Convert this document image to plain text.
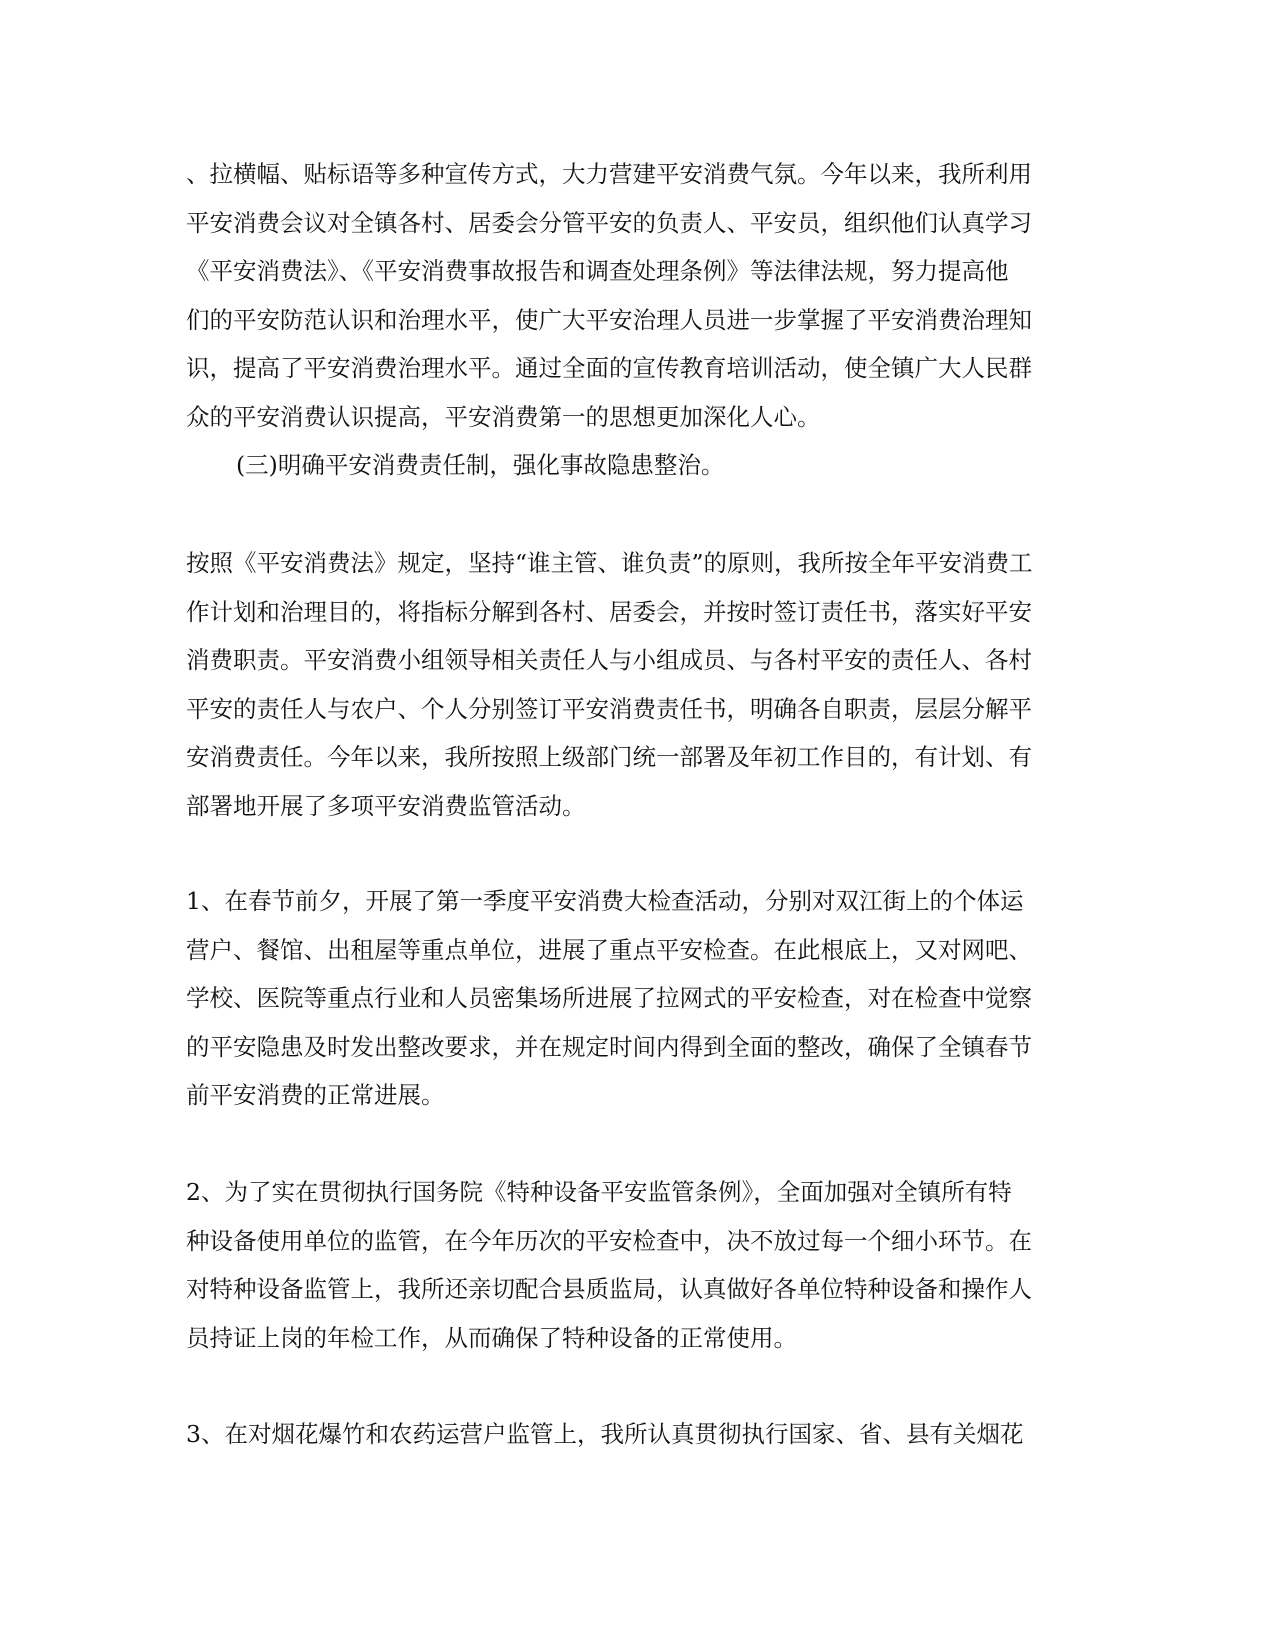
、拉横幅、贴标语等多种宣传方式，大力营建平安消费气氛。今年以来，我所利用
平安消费会议对全镇各村、居委会分管平安的负责人、平安员，组织他们认真学习
《平安消费法》、《平安消费事故报告和调查处理条例》等法律法规，努力提高他
们的平安防范认识和治理水平，使广大平安治理人员进一步掌握了平安消费治理知
识，提高了平安消费治理水平。通过全面的宣传教育培训活动，使全镇广大人民群
众的平安消费认识提高，平安消费第一的思想更加深化人心。

(三)明确平安消费责任制，强化事故隐患整治。

按照《平安消费法》规定，坚持“谁主管、谁负责”的原则，我所按全年平安消费工
作计划和治理目的，将指标分解到各村、居委会，并按时签订责任书，落实好平安
消费职责。平安消费小组领导相关责任人与小组成员、与各村平安的责任人、各村
平安的责任人与农户、个人分别签订平安消费责任书，明确各自职责，层层分解平
安消费责任。今年以来，我所按照上级部门统一部署及年初工作目的，有计划、有
部署地开展了多项平安消费监管活动。

1、在春节前夕，开展了第一季度平安消费大检查活动，分别对双江街上的个体运
营户、餐馆、出租屋等重点单位，进展了重点平安检查。在此根底上，又对网吧、
学校、医院等重点行业和人员密集场所进展了拉网式的平安检查，对在检查中觉察
的平安隐患及时发出整改要求，并在规定时间内得到全面的整改，确保了全镇春节
前平安消费的正常进展。

2、为了实在贯彻执行国务院《特种设备平安监管条例》，全面加强对全镇所有特
种设备使用单位的监管，在今年历次的平安检查中，决不放过每一个细小环节。在
对特种设备监管上，我所还亲切配合县质监局，认真做好各单位特种设备和操作人
员持证上岗的年检工作，从而确保了特种设备的正常使用。

3、在对烟花爆竹和农药运营户监管上，我所认真贯彻执行国家、省、县有关烟花
